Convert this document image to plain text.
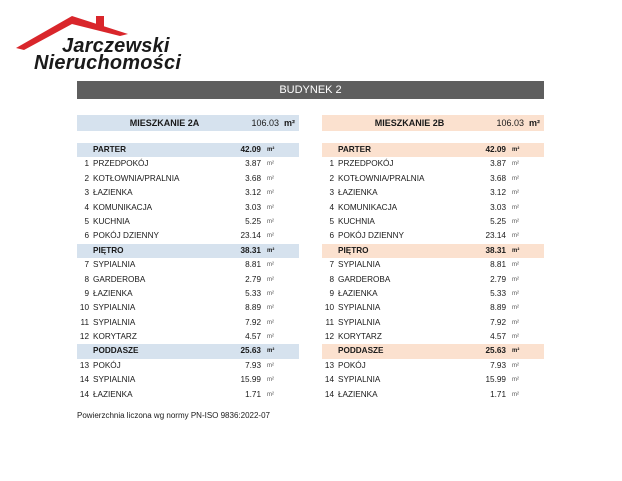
Jarczewski
Nieruchomości
BUDYNEK 2
MIESZKANIE 2A	106.03 m²
PARTER	42.09 m²
1 PRZEDPOKÓJ	3.87 m²
2 KOTŁOWNIA/PRALNIA	3.68 m²
3 ŁAZIENKA	3.12 m²
4 KOMUNIKACJA	3.03 m²
5 KUCHNIA	5.25 m²
6 POKÓJ DZIENNY	23.14 m²
PIĘTRO	38.31 m²
7 SYPIALNIA	8.81 m²
8 GARDEROBA	2.79 m²
9 ŁAZIENKA	5.33 m²
10 SYPIALNIA	8.89 m²
11 SYPIALNIA	7.92 m²
12 KORYTARZ	4.57 m²
PODDASZE	25.63 m²
13 POKÓJ	7.93 m²
14 SYPIALNIA	15.99 m²
14 ŁAZIENKA	1.71 m²
MIESZKANIE 2B	106.03 m²
PARTER	42.09 m²
1 PRZEDPOKÓJ	3.87 m²
2 KOTŁOWNIA/PRALNIA	3.68 m²
3 ŁAZIENKA	3.12 m²
4 KOMUNIKACJA	3.03 m²
5 KUCHNIA	5.25 m²
6 POKÓJ DZIENNY	23.14 m²
PIĘTRO	38.31 m²
7 SYPIALNIA	8.81 m²
8 GARDEROBA	2.79 m²
9 ŁAZIENKA	5.33 m²
10 SYPIALNIA	8.89 m²
11 SYPIALNIA	7.92 m²
12 KORYTARZ	4.57 m²
PODDASZE	25.63 m²
13 POKÓJ	7.93 m²
14 SYPIALNIA	15.99 m²
14 ŁAZIENKA	1.71 m²
Powierzchnia liczona wg normy PN-ISO 9836:2022-07
